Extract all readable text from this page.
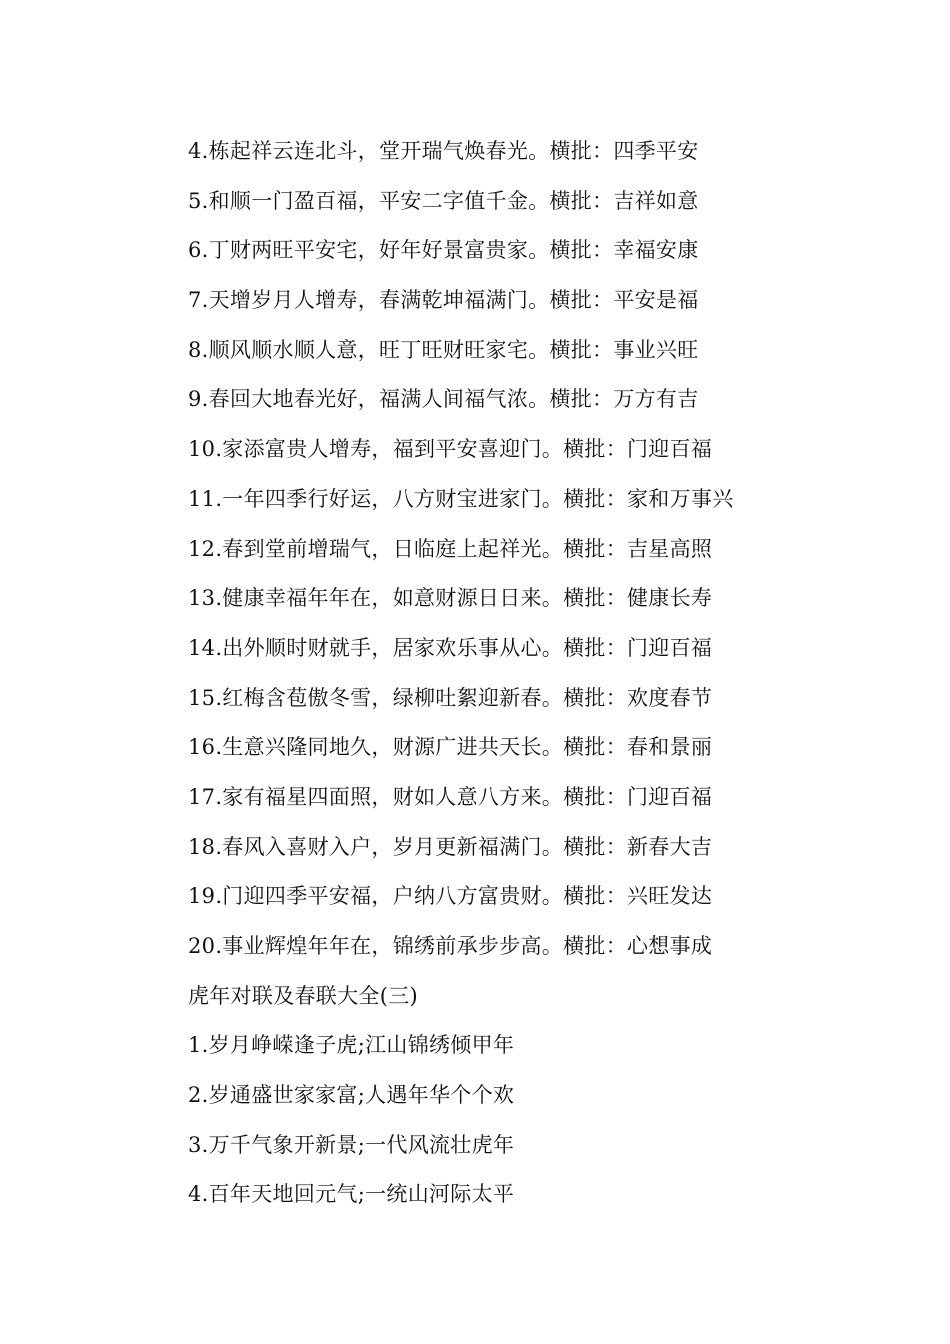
4.栋起祥云连北斗，堂开瑞气焕春光。横批：四季平安
5.和顺一门盈百福，平安二字值千金。横批：吉祥如意
6.丁财两旺平安宅，好年好景富贵家。横批：幸福安康
7.天增岁月人增寿，春满乾坤福满门。横批：平安是福
8.顺风顺水顺人意，旺丁旺财旺家宅。横批：事业兴旺
9.春回大地春光好，福满人间福气浓。横批：万方有吉
10.家添富贵人增寿，福到平安喜迎门。横批：门迎百福
11.一年四季行好运，八方财宝进家门。横批：家和万事兴
12.春到堂前增瑞气，日临庭上起祥光。横批：吉星高照
13.健康幸福年年在，如意财源日日来。横批：健康长寿
14.出外顺时财就手，居家欢乐事从心。横批：门迎百福
15.红梅含苞傲冬雪，绿柳吐絮迎新春。横批：欢度春节
16.生意兴隆同地久，财源广进共天长。横批：春和景丽
17.家有福星四面照，财如人意八方来。横批：门迎百福
18.春风入喜财入户，岁月更新福满门。横批：新春大吉
19.门迎四季平安福，户纳八方富贵财。横批：兴旺发达
20.事业辉煌年年在，锦绣前承步步高。横批：心想事成
虎年对联及春联大全(三)
1.岁月峥嵘逢子虎;江山锦绣倾甲年
2.岁通盛世家家富;人遇年华个个欢
3.万千气象开新景;一代风流壮虎年
4.百年天地回元气;一统山河际太平
